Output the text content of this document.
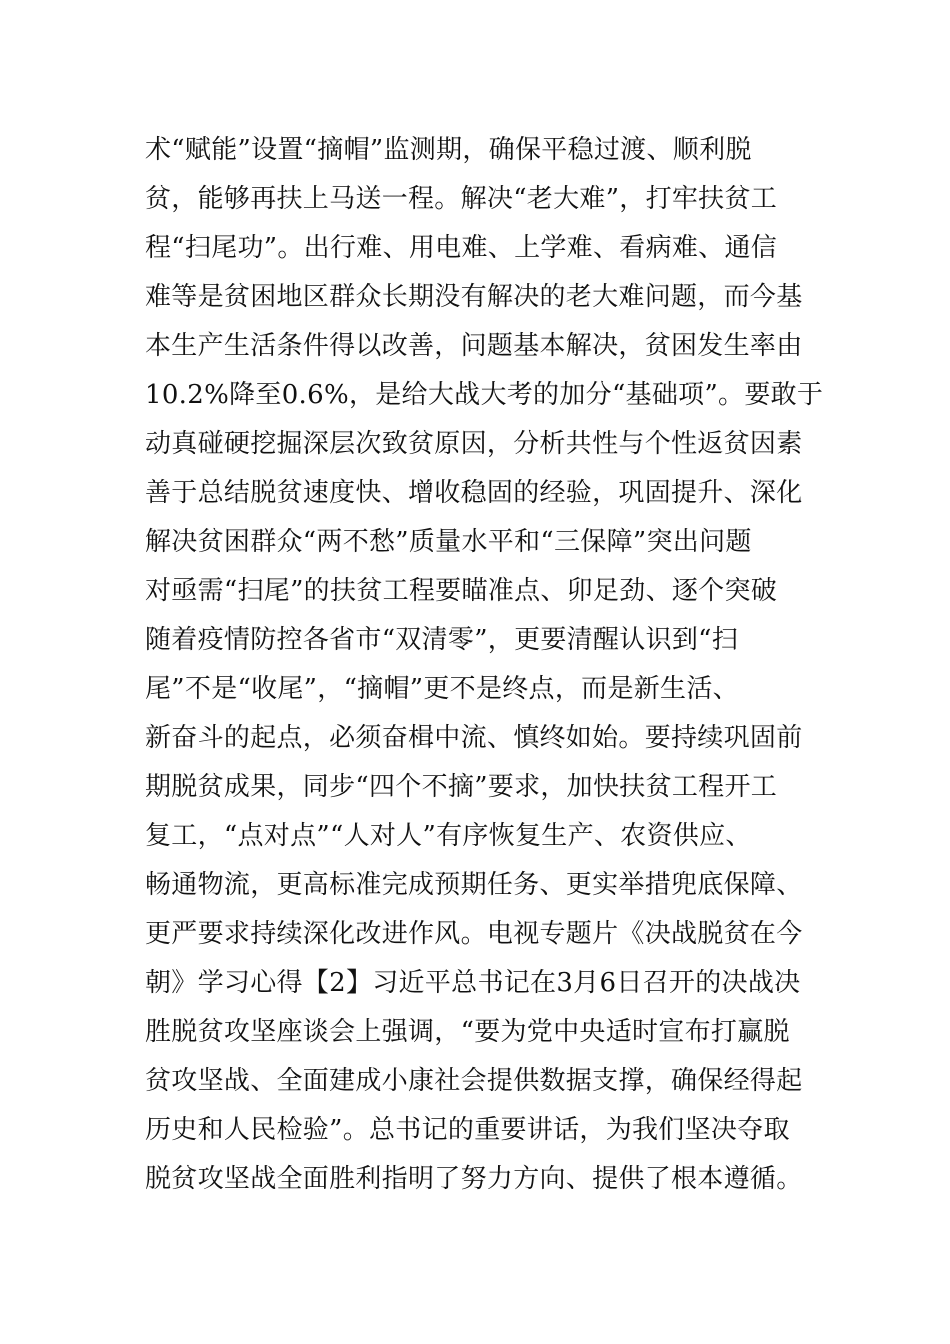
术“赋能”设置“摘帽”监测期，确保平稳过渡、顺利脱
贫，能够再扶上马送一程。解决“老大难”，打牢扶贫工
程“扫尾功”。出行难、用电难、上学难、看病难、通信
难等是贫困地区群众长期没有解决的老大难问题，而今基
本生产生活条件得以改善，问题基本解决，贫困发生率由
10.2%降至0.6%，是给大战大考的加分“基础项”。要敢于
动真碰硬挖掘深层次致贫原因，分析共性与个性返贫因素
善于总结脱贫速度快、增收稳固的经验，巩固提升、深化
解决贫困群众“两不愁”质量水平和“三保障”突出问题
对亟需“扫尾”的扶贫工程要瞄准点、卯足劲、逐个突破
随着疫情防控各省市“双清零”，更要清醒认识到“扫
尾”不是“收尾”，“摘帽”更不是终点，而是新生活、
新奋斗的起点，必须奋楫中流、慎终如始。要持续巩固前
期脱贫成果，同步“四个不摘”要求，加快扶贫工程开工
复工，“点对点”“人对人”有序恢复生产、农资供应、
畅通物流，更高标准完成预期任务、更实举措兜底保障、
更严要求持续深化改进作风。电视专题片《决战脱贫在今
朝》学习心得【2】习近平总书记在3月6日召开的决战决
胜脱贫攻坚座谈会上强调，“要为党中央适时宣布打赢脱
贫攻坚战、全面建成小康社会提供数据支撑，确保经得起
历史和人民检验”。总书记的重要讲话，为我们坚决夺取
脱贫攻坚战全面胜利指明了努力方向、提供了根本遵循。
